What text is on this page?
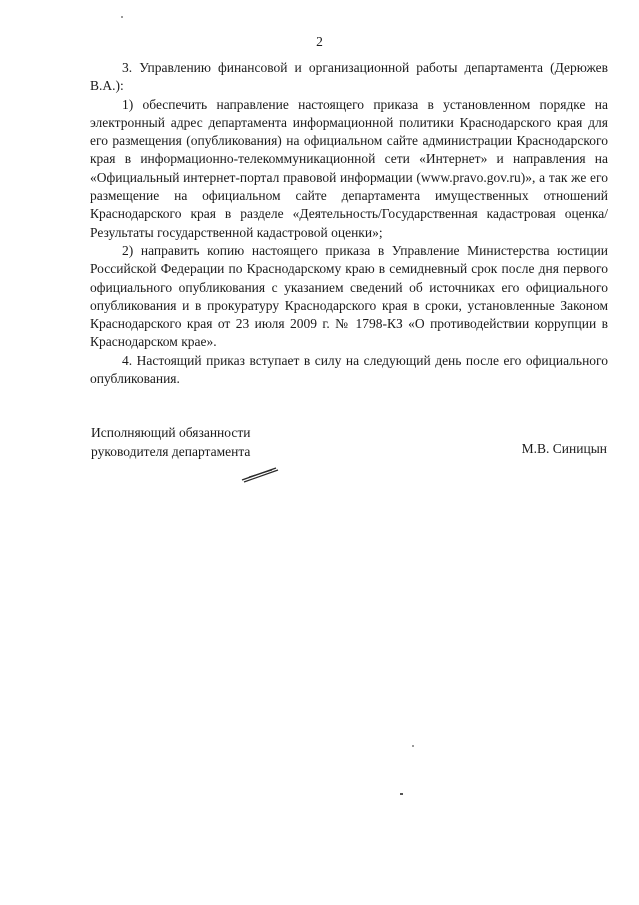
2

3. Управлению финансовой и организационной работы департамента (Дерюжев В.А.):

1) обеспечить направление настоящего приказа в установленном порядке на электронный адрес департамента информационной политики Краснодарского края для его размещения (опубликования) на официальном сайте администрации Краснодарского края в информационно-телекоммуникационной сети «Интернет» и направления на «Официальный интернет-портал правовой информации (www.pravo.gov.ru)», а так же его размещение на официальном сайте департамента имущественных отношений Краснодарского края в разделе «Деятельность/Государственная кадастровая оценка/Результаты государственной кадастровой оценки»;

2) направить копию настоящего приказа в Управление Министерства юстиции Российской Федерации по Краснодарскому краю в семидневный срок после дня первого официального опубликования с указанием сведений об источниках его официального опубликования и в прокуратуру Краснодарского края в сроки, установленные Законом Краснодарского края от 23 июля 2009 г. № 1798-КЗ «О противодействии коррупции в Краснодарском крае».

4. Настоящий приказ вступает в силу на следующий день после его официального опубликования.

Исполняющий обязанности
руководителя департамента	М.В. Синицын
